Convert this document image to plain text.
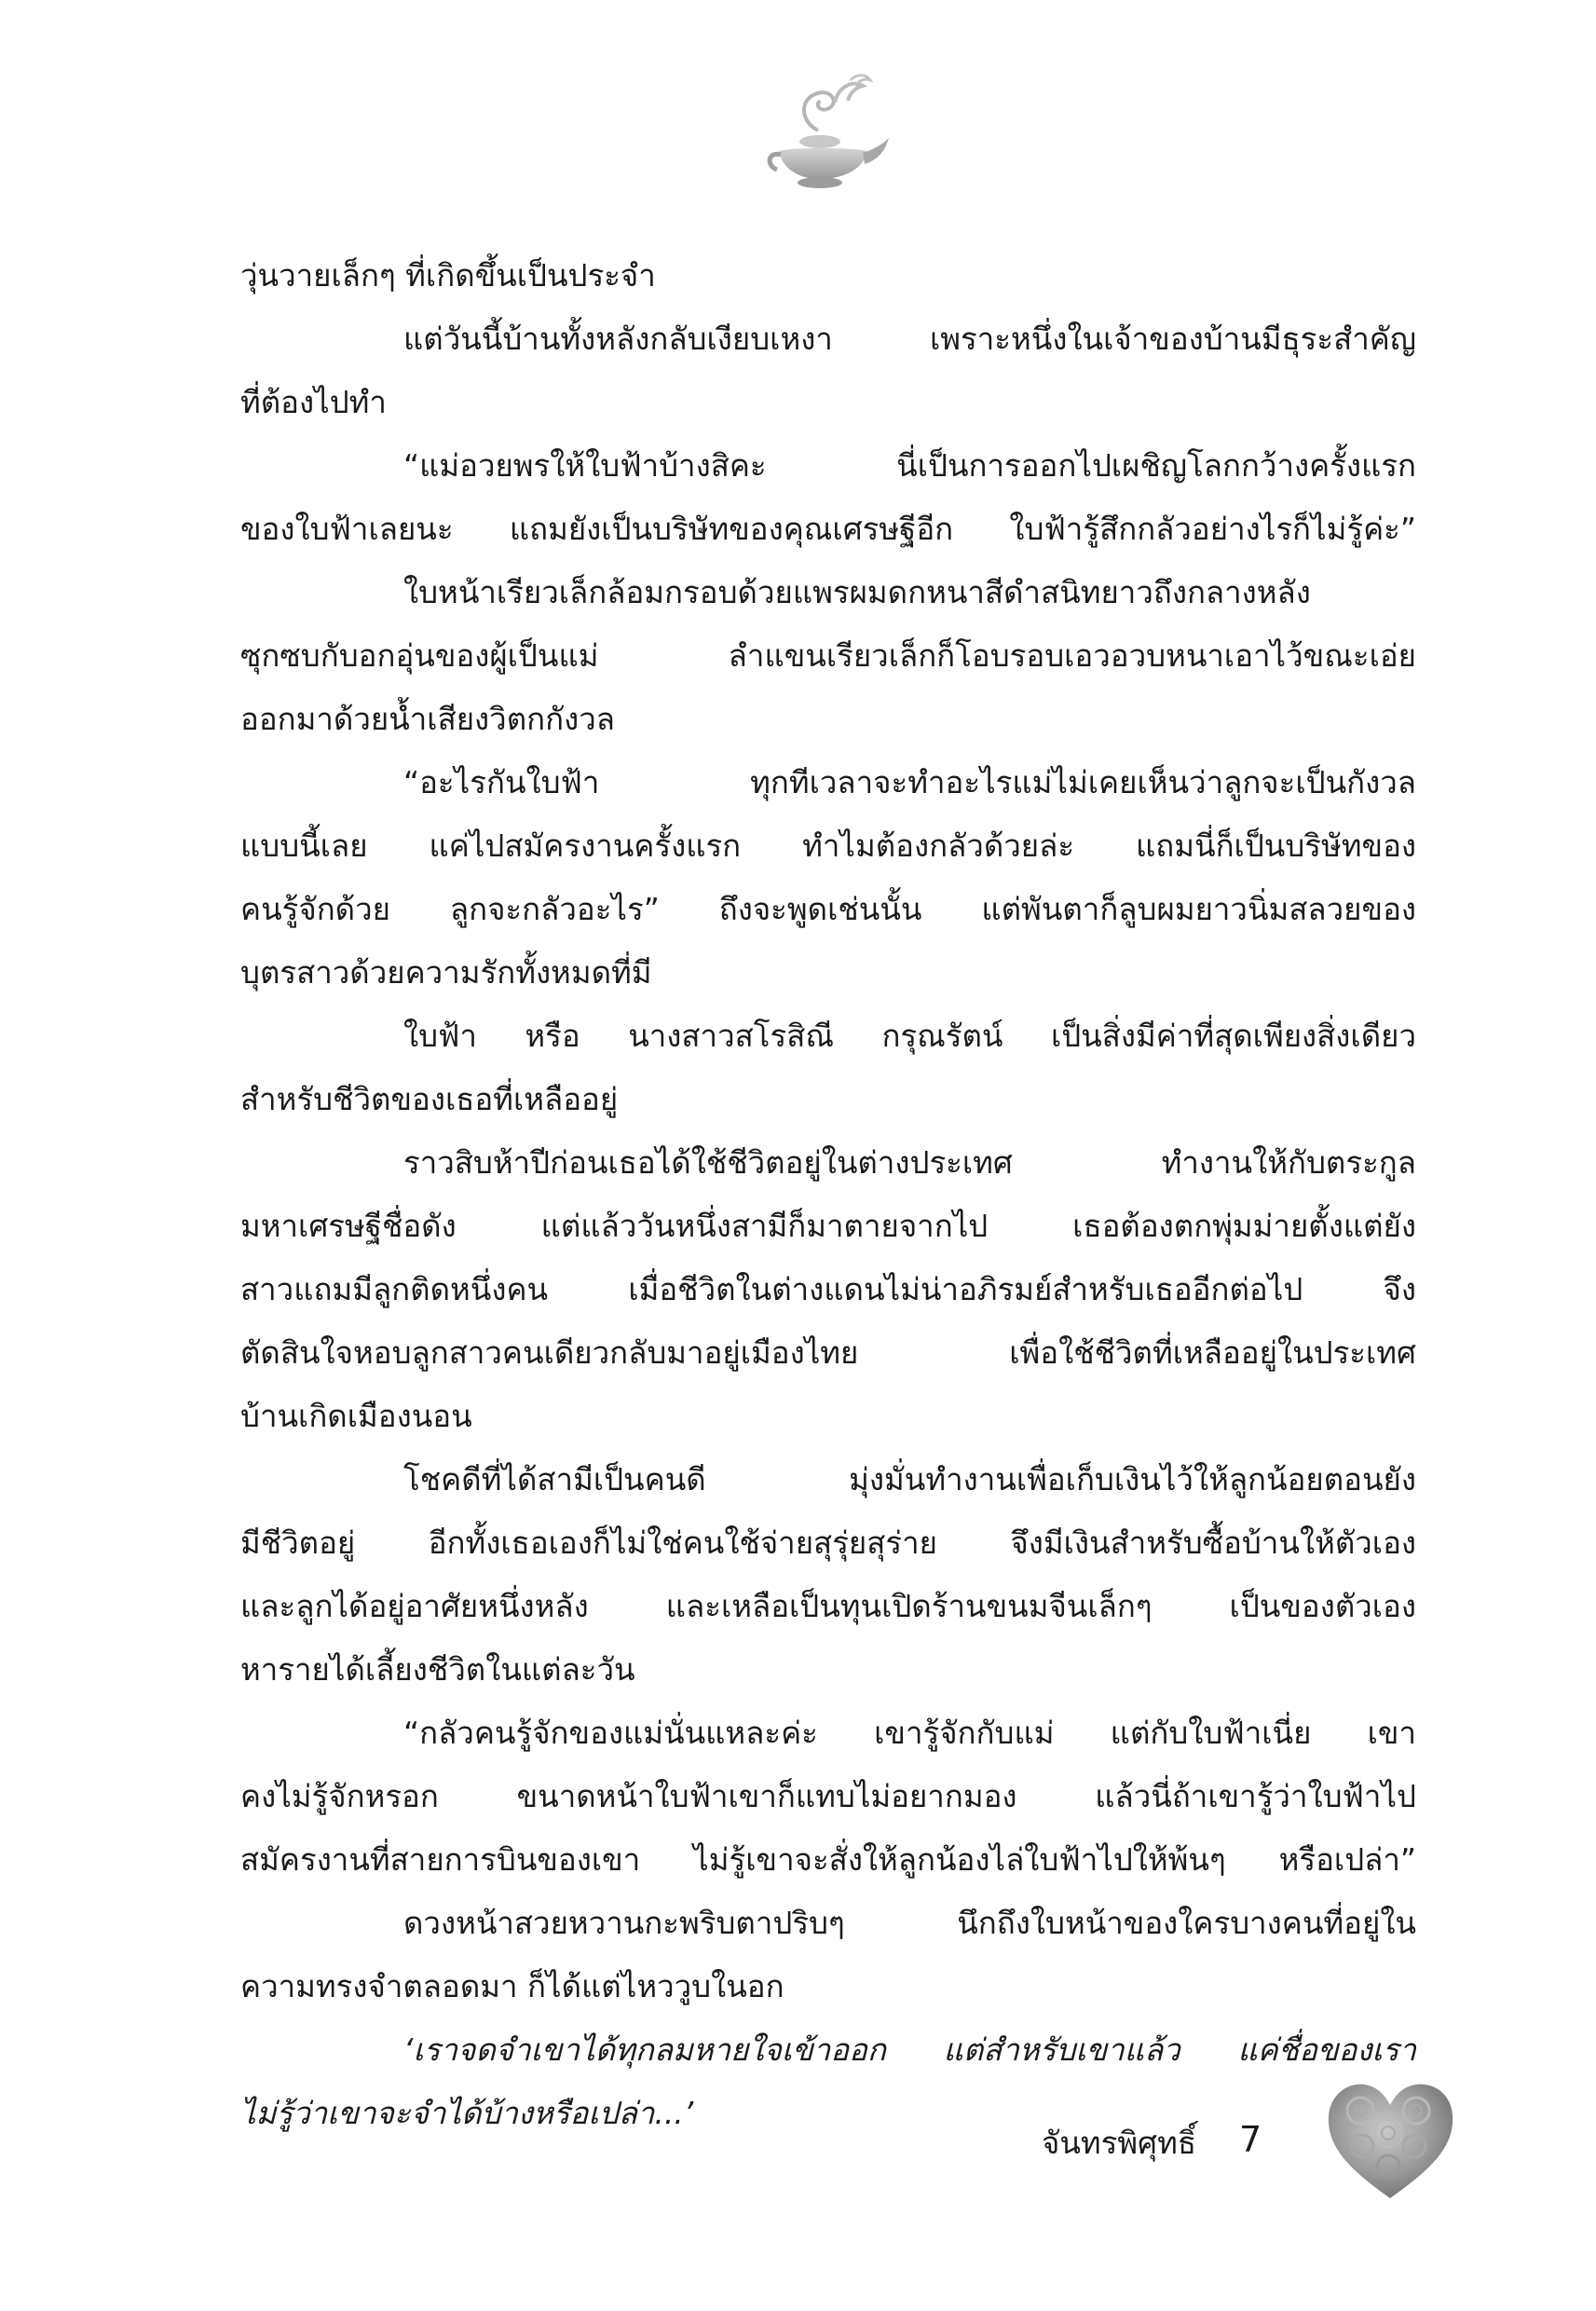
วุ่นวายเล็กๆ ที่เกิดขึ้นเป็นประจำ
แต่วันนี้บ้านทั้งหลังกลับเงียบเหงา เพราะหนึ่งในเจ้าของบ้านมีธุระสำคัญ
ที่ต้องไปทำ
“แม่อวยพรให้ใบฟ้าบ้างสิคะ นี่เป็นการออกไปเผชิญโลกกว้างครั้งแรก
ของใบฟ้าเลยนะ แถมยังเป็นบริษัทของคุณเศรษฐีอีก ใบฟ้ารู้สึกกลัวอย่างไรก็ไม่รู้ค่ะ”
ใบหน้าเรียวเล็กล้อมกรอบด้วยแพรผมดกหนาสีดำสนิทยาวถึงกลางหลัง
ซุกซบกับอกอุ่นของผู้เป็นแม่ ลำแขนเรียวเล็กก็โอบรอบเอวอวบหนาเอาไว้ขณะเอ่ย
ออกมาด้วยน้ำเสียงวิตกกังวล
“อะไรกันใบฟ้า ทุกทีเวลาจะทำอะไรแม่ไม่เคยเห็นว่าลูกจะเป็นกังวล
แบบนี้เลย แค่ไปสมัครงานครั้งแรก ทำไมต้องกลัวด้วยล่ะ แถมนี่ก็เป็นบริษัทของ
คนรู้จักด้วย ลูกจะกลัวอะไร” ถึงจะพูดเช่นนั้น แต่พันตาก็ลูบผมยาวนิ่มสลวยของ
บุตรสาวด้วยความรักทั้งหมดที่มี
ใบฟ้า หรือ นางสาวสโรสิณี กรุณรัตน์ เป็นสิ่งมีค่าที่สุดเพียงสิ่งเดียว
สำหรับชีวิตของเธอที่เหลืออยู่
ราวสิบห้าปีก่อนเธอได้ใช้ชีวิตอยู่ในต่างประเทศ ทำงานให้กับตระกูล
มหาเศรษฐีชื่อดัง แต่แล้ววันหนึ่งสามีก็มาตายจากไป เธอต้องตกพุ่มม่ายตั้งแต่ยัง
สาวแถมมีลูกติดหนึ่งคน เมื่อชีวิตในต่างแดนไม่น่าอภิรมย์สำหรับเธออีกต่อไป จึง
ตัดสินใจหอบลูกสาวคนเดียวกลับมาอยู่เมืองไทย เพื่อใช้ชีวิตที่เหลืออยู่ในประเทศ
บ้านเกิดเมืองนอน
โชคดีที่ได้สามีเป็นคนดี มุ่งมั่นทำงานเพื่อเก็บเงินไว้ให้ลูกน้อยตอนยัง
มีชีวิตอยู่ อีกทั้งเธอเองก็ไม่ใช่คนใช้จ่ายสุรุ่ยสุร่าย จึงมีเงินสำหรับซื้อบ้านให้ตัวเอง
และลูกได้อยู่อาศัยหนึ่งหลัง และเหลือเป็นทุนเปิดร้านขนมจีนเล็กๆ เป็นของตัวเอง
หารายได้เลี้ยงชีวิตในแต่ละวัน
“กลัวคนรู้จักของแม่นั่นแหละค่ะ เขารู้จักกับแม่ แต่กับใบฟ้าเนี่ย เขา
คงไม่รู้จักหรอก ขนาดหน้าใบฟ้าเขาก็แทบไม่อยากมอง แล้วนี่ถ้าเขารู้ว่าใบฟ้าไป
สมัครงานที่สายการบินของเขา ไม่รู้เขาจะสั่งให้ลูกน้องไล่ใบฟ้าไปให้พ้นๆ หรือเปล่า”
ดวงหน้าสวยหวานกะพริบตาปริบๆ นึกถึงใบหน้าของใครบางคนที่อยู่ใน
ความทรงจำตลอดมา ก็ได้แต่ไหววูบในอก
‘เราจดจำเขาได้ทุกลมหายใจเข้าออก แต่สำหรับเขาแล้ว แค่ชื่อของเรา
ไม่รู้ว่าเขาจะจำได้บ้างหรือเปล่า...’
จันทรพิศุทธิ์ 7
